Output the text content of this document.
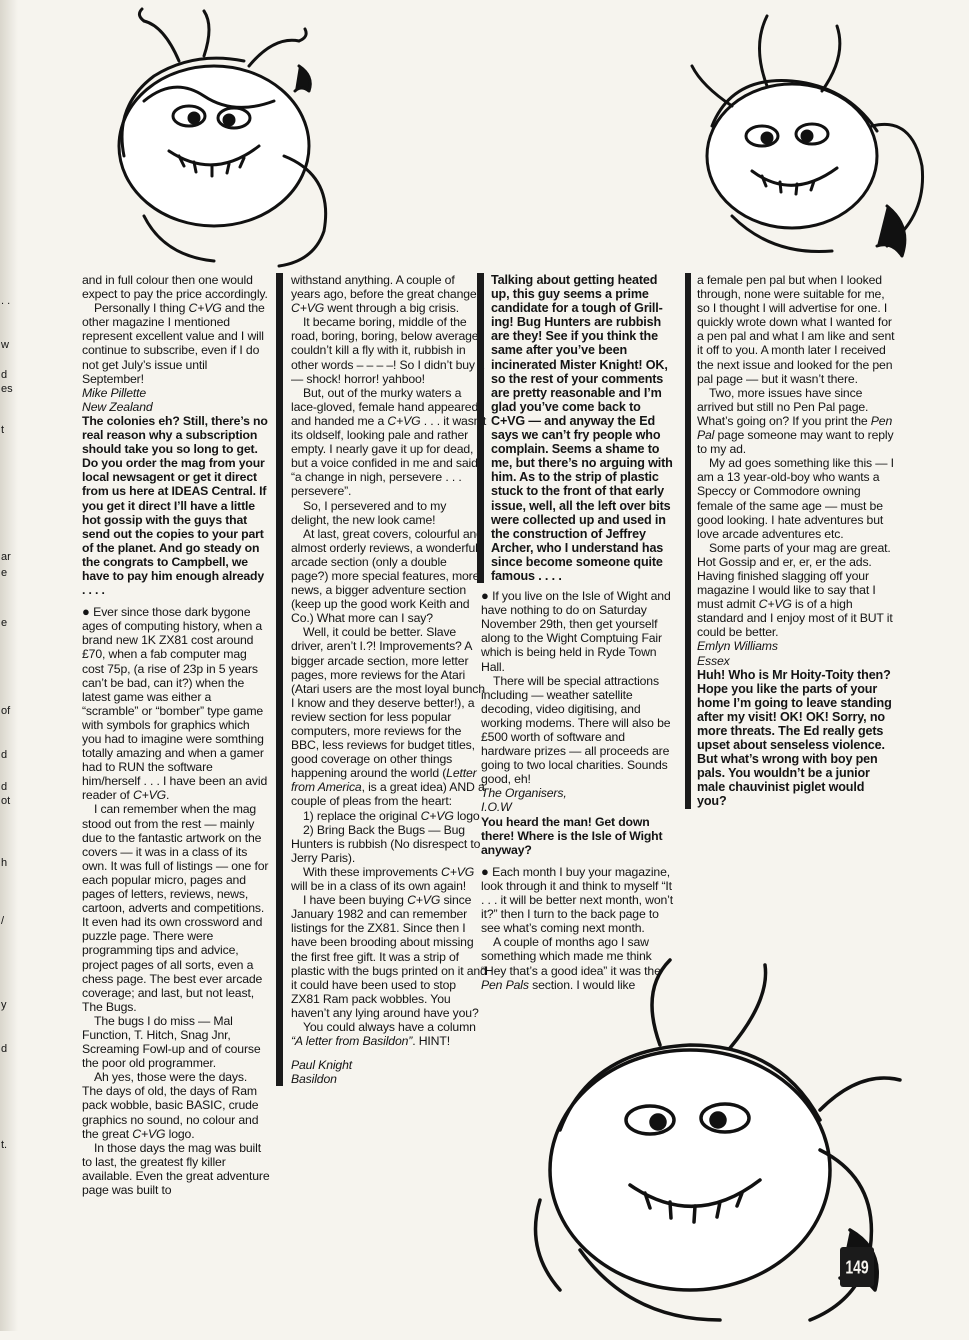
. .
w
d
es
t
ar
e
e
of
d
d
ot
h
/
y
d
t.

and in full colour then one would expect to pay the price accordingly.

Personally I thing C+VG and the other magazine I mentioned represent excellent value and I will continue to subscribe, even if I do not get July’s issue until September!

Mike Pillette

New Zealand

The colonies eh? Still, there’s no real reason why a subscription should take you so long to get. Do you order the mag from your local newsagent or get it direct from us here at IDEAS Central. If you get it direct I’ll have a little hot gossip with the guys that send out the copies to your part of the planet. And go steady on the congrats to Campbell, we have to pay him enough already . . . .

● Ever since those dark bygone ages of computing history, when a brand new 1K ZX81 cost around £70, when a fab computer mag cost 75p, (a rise of 23p in 5 years can’t be bad, can it?) when the latest game was either a “scramble” or “bomber” type game with symbols for graphics which you had to imagine were somthing totally amazing and when a gamer had to RUN the software him/herself . . . I have been an avid reader of C+VG.

I can remember when the mag stood out from the rest — mainly due to the fantastic artwork on the covers — it was in a class of its own. It was full of listings — one for each popular micro, pages and pages of letters, reviews, news, cartoon, adverts and competitions. It even had its own crossword and puzzle page. There were programming tips and advice, project pages of all sorts, even a chess page. The best ever arcade coverage; and last, but not least, The Bugs.

The bugs I do miss — Mal Function, T. Hitch, Snag Jnr, Screaming Fowl-up and of course the poor old programmer.

Ah yes, those were the days. The days of old, the days of Ram pack wobble, basic BASIC, crude graphics no sound, no colour and the great C+VG logo.

In those days the mag was built to last, the greatest fly killer available. Even the great adventure page was built to

withstand anything. A couple of years ago, before the great change, C+VG went through a big crisis.

It became boring, middle of the road, boring, boring, below average, couldn’t kill a fly with it, rubbish in other words – – – –! So I didn’t buy it — shock! horror! yahboo!

But, out of the murky waters a lace-gloved, female hand appeared and handed me a C+VG . . . it wasn’t its oldself, looking pale and rather empty. I nearly gave it up for dead, but a voice confided in me and said “a change in nigh, persevere . . . persevere”.

So, I persevered and to my delight, the new look came!

At last, great covers, colourful and almost orderly reviews, a wonderful arcade section (only a double page?) more special features, more news, a bigger adventure section (keep up the good work Keith and Co.) What more can I say?

Well, it could be better. Slave driver, aren’t I.?! Improvements? A bigger arcade section, more letter pages, more reviews for the Atari (Atari users are the most loyal bunch I know and they deserve better!), a review section for less popular computers, more reviews for the BBC, less reviews for budget titles, good coverage on other things happening around the world (Letter from America, is a great idea) AND a couple of pleas from the heart:

1) replace the original C+VG logo

2) Bring Back the Bugs — Bug Hunters is rubbish (No disrespect to Jerry Paris).

With these improvements C+VG will be in a class of its own again!

I have been buying C+VG since January 1982 and can remember listings for the ZX81. Since then I have been brooding about missing the first free gift. It was a strip of plastic with the bugs printed on it and it could have been used to stop ZX81 Ram pack wobbles. You haven’t any lying around have you?

You could always have a column “A letter from Basildon”. HINT!

Paul Knight

Basildon

Talking about getting heated up, this guy seems a prime candidate for a tough of Grill-ing! Bug Hunters are rubbish are they! See if you think the same after you’ve been incinerated Mister Knight! OK, so the rest of your comments are pretty reasonable and I’m glad you’ve come back to C+VG — and anyway the Ed says we can’t fry people who complain. Seems a shame to me, but there’s no arguing with him. As to the strip of plastic stuck to the front of that early issue, well, all the left over bits were collected up and used in the construction of Jeffrey Archer, who I understand has since become someone quite famous . . . .

● If you live on the Isle of Wight and have nothing to do on Saturday November 29th, then get yourself along to the Wight Comptuing Fair which is being held in Ryde Town Hall.

There will be special attractions including — weather satellite decoding, video digitising, and working modems. There will also be £500 worth of software and hardware prizes — all proceeds are going to two local charities. Sounds good, eh!

The Organisers,

I.O.W

You heard the man! Get down there! Where is the Isle of Wight anyway?

● Each month I buy your magazine, look through it and think to myself “It . . . it will be better next month, won’t it?” then I turn to the back page to see what’s coming next month.

A couple of months ago I saw something which made me think “Hey that’s a good idea” it was the Pen Pals section. I would like

a female pen pal but when I looked through, none were suitable for me, so I thought I will advertise for one. I quickly wrote down what I wanted for a pen pal and what I am like and sent it off to you. A month later I received the next issue and looked for the pen pal page — but it wasn’t there.

Two, more issues have since arrived but still no Pen Pal page. What’s going on? If you print the Pen Pal page someone may want to reply to my ad.

My ad goes something like this — I am a 13 year-old-boy who wants a Speccy or Commodore owning female of the same age — must be good looking. I hate adventures but love arcade adventures etc.

Some parts of your mag are great. Hot Gossip and er, er, er the ads. Having finished slagging off your magazine I would like to say that I must admit C+VG is of a high standard and I enjoy most of it BUT it could be better.

Emlyn Williams

Essex

Huh! Who is Mr Hoity-Toity then? Hope you like the parts of your home I’m going to leave standing after my visit! OK! OK! Sorry, no more threats. The Ed really gets upset about senseless violence. But what’s wrong with boy pen pals. You wouldn’t be a junior male chauvinist piglet would you?

149
